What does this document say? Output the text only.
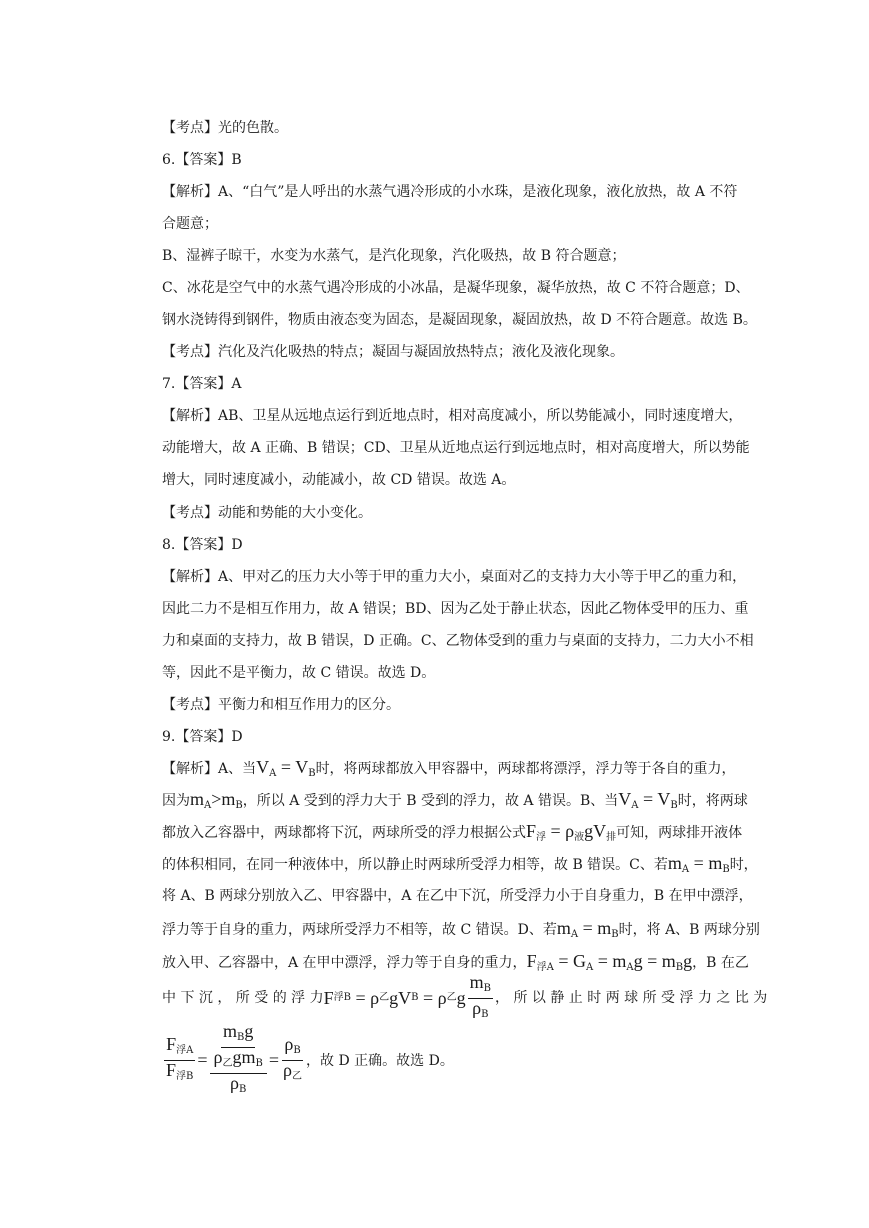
【考点】光的色散。
6.【答案】B
【解析】A、“白气”是人呼出的水蒸气遇冷形成的小水珠，是液化现象，液化放热，故 A 不符
合题意；
B、湿裤子晾干，水变为水蒸气，是汽化现象，汽化吸热，故 B 符合题意；
C、冰花是空气中的水蒸气遇冷形成的小冰晶，是凝华现象，凝华放热，故 C 不符合题意；D、
钢水浇铸得到钢件，物质由液态变为固态，是凝固现象，凝固放热，故 D 不符合题意。故选 B。
【考点】汽化及汽化吸热的特点；凝固与凝固放热特点；液化及液化现象。
7.【答案】A
【解析】AB、卫星从远地点运行到近地点时，相对高度减小，所以势能减小，同时速度增大，
动能增大，故 A 正确、B 错误；CD、卫星从近地点运行到远地点时，相对高度增大，所以势能
增大，同时速度减小，动能减小，故 CD 错误。故选 A。
【考点】动能和势能的大小变化。
8.【答案】D
【解析】A、甲对乙的压力大小等于甲的重力大小，桌面对乙的支持力大小等于甲乙的重力和，
因此二力不是相互作用力，故 A 错误；BD、因为乙处于静止状态，因此乙物体受甲的压力、重
力和桌面的支持力，故 B 错误，D 正确。C、乙物体受到的重力与桌面的支持力，二力大小不相
等，因此不是平衡力，故 C 错误。故选 D。
【考点】平衡力和相互作用力的区分。
9.【答案】D
【解析】A、当$V_A = V_B$时，将两球都放入甲容器中，两球都将漂浮，浮力等于各自的重力，
因为$m_A>m_B$，所以 A 受到的浮力大于 B 受到的浮力，故 A 错误。B、当$V_A = V_B$时，将两球
都放入乙容器中，两球都将下沉，两球所受的浮力根据公式$F_浮 = \rho_液gV_排$可知，两球排开液体
的体积相同，在同一种液体中，所以静止时两球所受浮力相等，故 B 错误。C、若$m_A = m_B$时，
将 A、B 两球分别放入乙、甲容器中，A 在乙中下沉，所受浮力小于自身重力，B 在甲中漂浮，
浮力等于自身的重力，两球所受浮力不相等，故 C 错误。D、若$m_A = m_B$时，将 A、B 两球分别
放入甲、乙容器中，A 在甲中漂浮，浮力等于自身的重力，$F_{浮A} = G_A = m_Ag = m_Bg$，B 在乙
中 下 沉 ， 所 受 的 浮 力 F 浮 B
=
ρ 乙 g V B
=
ρ 乙 g $\frac{m_B}{\rho_B}$ ， 所 以 静 止 时 两 球 所 受 浮 力 之 比 为
$\frac{F_{浮A}}{F_{浮B}} = \frac{\frac{m_Bg}{\rho_乙gm_B}}{\rho_B} = \frac{\rho_B}{\rho_乙}$ ，故 D 正确。故选 D。
